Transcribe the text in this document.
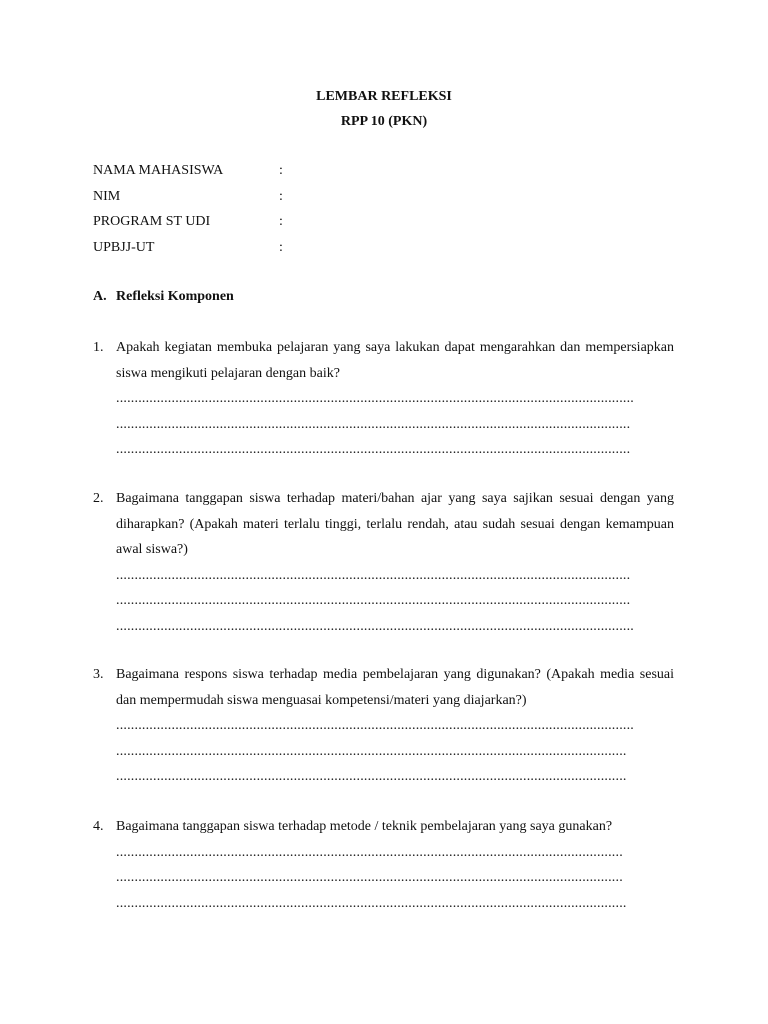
LEMBAR REFLEKSI
RPP 10 (PKN)
NAMA MAHASISWA	:
NIM	:
PROGRAM ST UDI	:
UPBJJ-UT	:
A. Refleksi Komponen
1. Apakah kegiatan membuka pelajaran yang saya lakukan dapat mengarahkan dan mempersiapkan siswa mengikuti pelajaran dengan baik?
............................................................................................................................................
...........................................................................................................................................
...........................................................................................................................................
2. Bagaimana tanggapan siswa terhadap materi/bahan ajar yang saya sajikan sesuai dengan yang diharapkan? (Apakah materi terlalu tinggi, terlalu rendah, atau sudah sesuai dengan kemampuan awal siswa?)
...........................................................................................................................................
...........................................................................................................................................
............................................................................................................................................
3. Bagaimana respons siswa terhadap media pembelajaran yang digunakan? (Apakah media sesuai dan mempermudah siswa menguasai kompetensi/materi yang diajarkan?)
............................................................................................................................................
..........................................................................................................................................
..........................................................................................................................................
4. Bagaimana tanggapan siswa terhadap metode / teknik pembelajaran yang saya gunakan?
.........................................................................................................................................
.........................................................................................................................................
..........................................................................................................................................
